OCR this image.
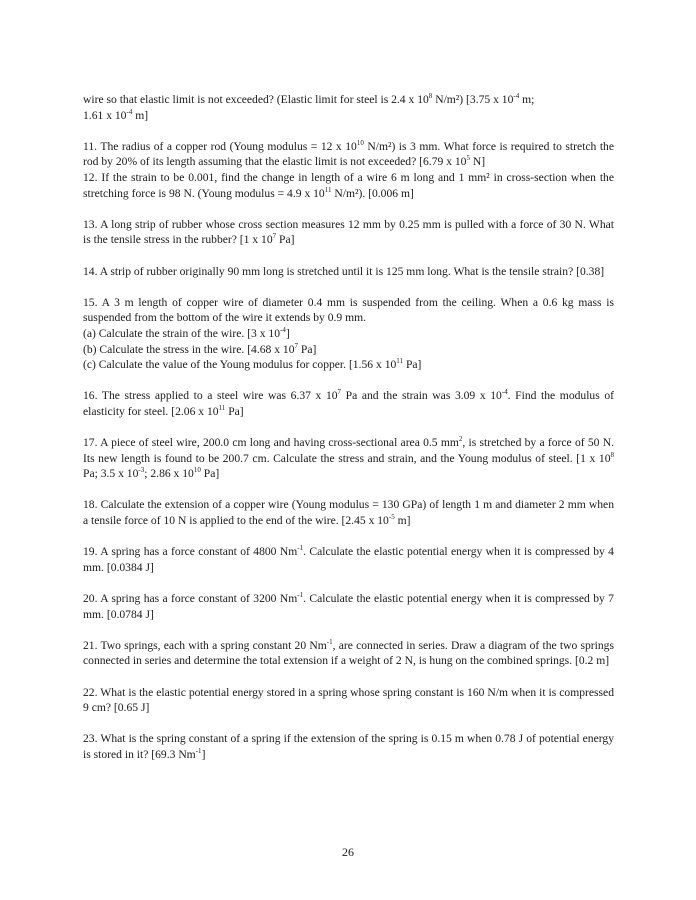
wire so that elastic limit is not exceeded? (Elastic limit for steel is 2.4 x $10^8$ N/m²) [3.75 x $10^{-4}$ m;
1.61 x $10^{-4}$ m]

11. The radius of a copper rod (Young modulus = 12 x $10^{10}$ N/m²) is 3 mm. What force is required to stretch the rod by 20% of its length assuming that the elastic limit is not exceeded? [6.79 x $10^5$ N]

12. If the strain to be 0.001, find the change in length of a wire 6 m long and 1 mm² in cross-section when the stretching force is 98 N. (Young modulus = 4.9 x $10^{11}$ N/m²). [0.006 m]

13. A long strip of rubber whose cross section measures 12 mm by 0.25 mm is pulled with a force of 30 N. What is the tensile stress in the rubber? [1 x $10^7$ Pa]

14. A strip of rubber originally 90 mm long is stretched until it is 125 mm long. What is the tensile strain? [0.38]

15. A 3 m length of copper wire of diameter 0.4 mm is suspended from the ceiling. When a 0.6 kg mass is suspended from the bottom of the wire it extends by 0.9 mm.
(a) Calculate the strain of the wire. [3 x $10^{-4}$]
(b) Calculate the stress in the wire. [4.68 x $10^7$ Pa]
(c) Calculate the value of the Young modulus for copper. [1.56 x $10^{11}$ Pa]

16. The stress applied to a steel wire was 6.37 x $10^7$ Pa and the strain was 3.09 x $10^{-4}$. Find the modulus of elasticity for steel. [2.06 x $10^{11}$ Pa]

17. A piece of steel wire, 200.0 cm long and having cross-sectional area 0.5 $mm^2$, is stretched by a force of 50 N. Its new length is found to be 200.7 cm. Calculate the stress and strain, and the Young modulus of steel. [1 x $10^8$ Pa; 3.5 x $10^{-3}$; 2.86 x $10^{10}$ Pa]

18. Calculate the extension of a copper wire (Young modulus = 130 GPa) of length 1 m and diameter 2 mm when a tensile force of 10 N is applied to the end of the wire. [2.45 x $10^{-5}$ m]

19. A spring has a force constant of 4800 $Nm^{-1}$. Calculate the elastic potential energy when it is compressed by 4 mm. [0.0384 J]

20. A spring has a force constant of 3200 $Nm^{-1}$. Calculate the elastic potential energy when it is compressed by 7 mm. [0.0784 J]

21. Two springs, each with a spring constant 20 $Nm^{-1}$, are connected in series. Draw a diagram of the two springs connected in series and determine the total extension if a weight of 2 N, is hung on the combined springs. [0.2 m]

22. What is the elastic potential energy stored in a spring whose spring constant is 160 N/m when it is compressed 9 cm? [0.65 J]

23. What is the spring constant of a spring if the extension of the spring is 0.15 m when 0.78 J of potential energy is stored in it? [69.3 $Nm^{-1}$]

26
